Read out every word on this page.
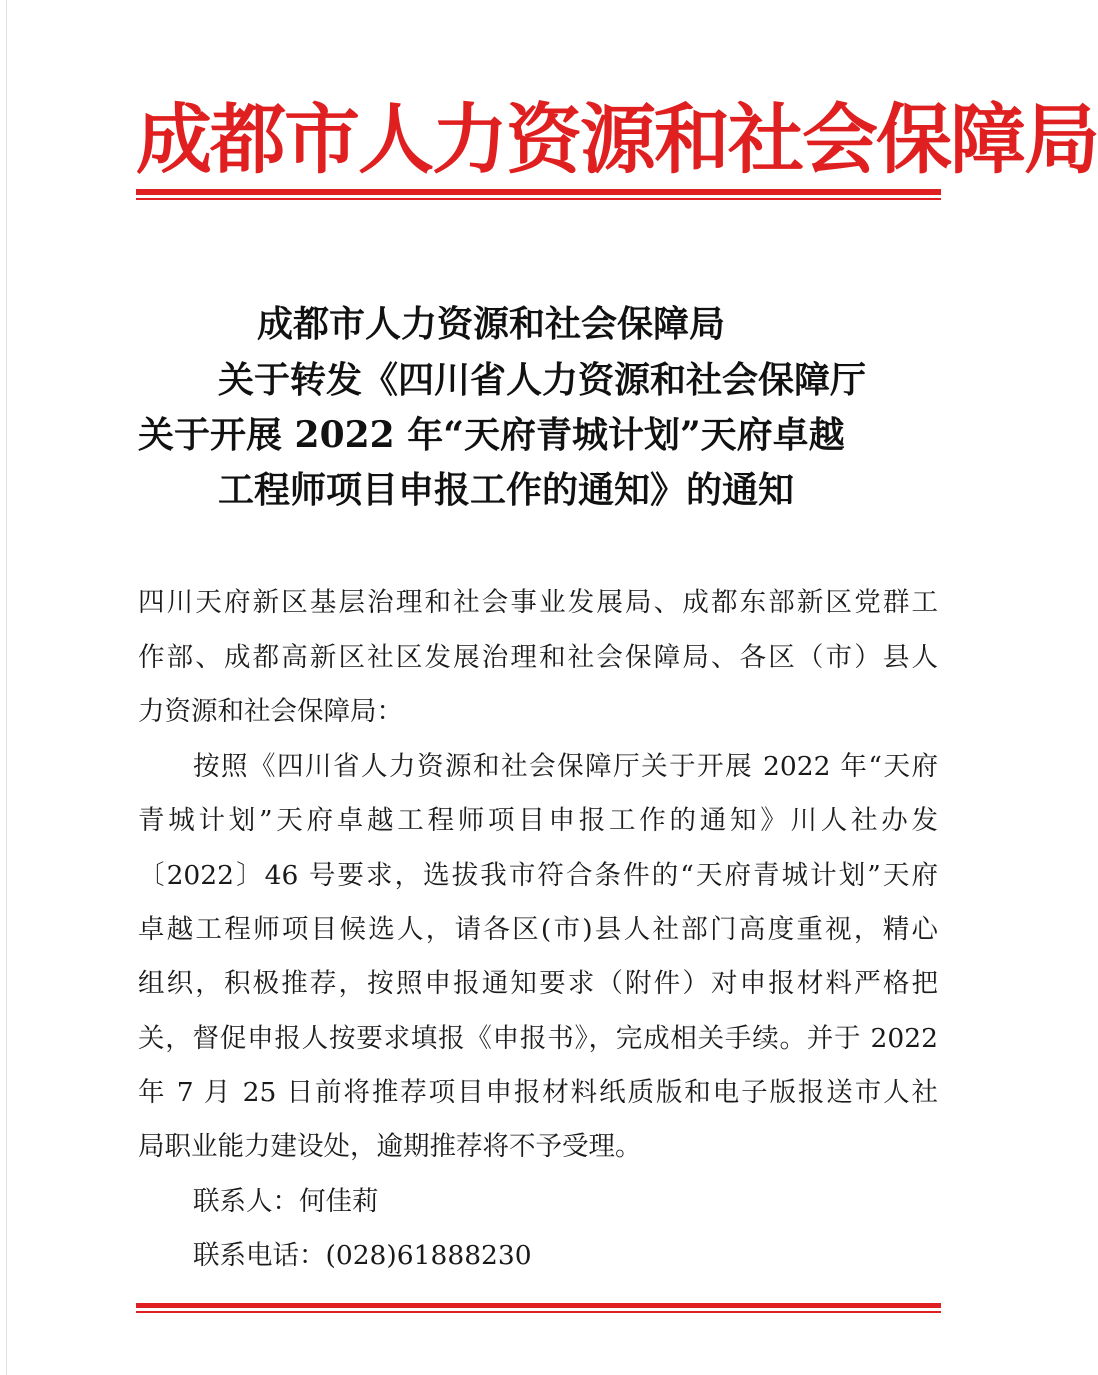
成都市人力资源和社会保障局
成都市人力资源和社会保障局
关于转发《四川省人力资源和社会保障厅
关于开展 2022 年“天府青城计划”天府卓越
工程师项目申报工作的通知》的通知
四川天府新区基层治理和社会事业发展局、成都东部新区党群工
作部、成都高新区社区发展治理和社会保障局、各区（市）县人
力资源和社会保障局：
按照《四川省人力资源和社会保障厅关于开展 2022 年“天府
青城计划”天府卓越工程师项目申报工作的通知》川人社办发
〔2022〕46 号要求，选拔我市符合条件的“天府青城计划”天府
卓越工程师项目候选人，请各区(市)县人社部门高度重视，精心
组织，积极推荐，按照申报通知要求（附件）对申报材料严格把
关，督促申报人按要求填报《申报书》，完成相关手续。并于 2022
年 7 月 25 日前将推荐项目申报材料纸质版和电子版报送市人社
局职业能力建设处，逾期推荐将不予受理。
联系人：何佳莉
联系电话：(028)61888230
